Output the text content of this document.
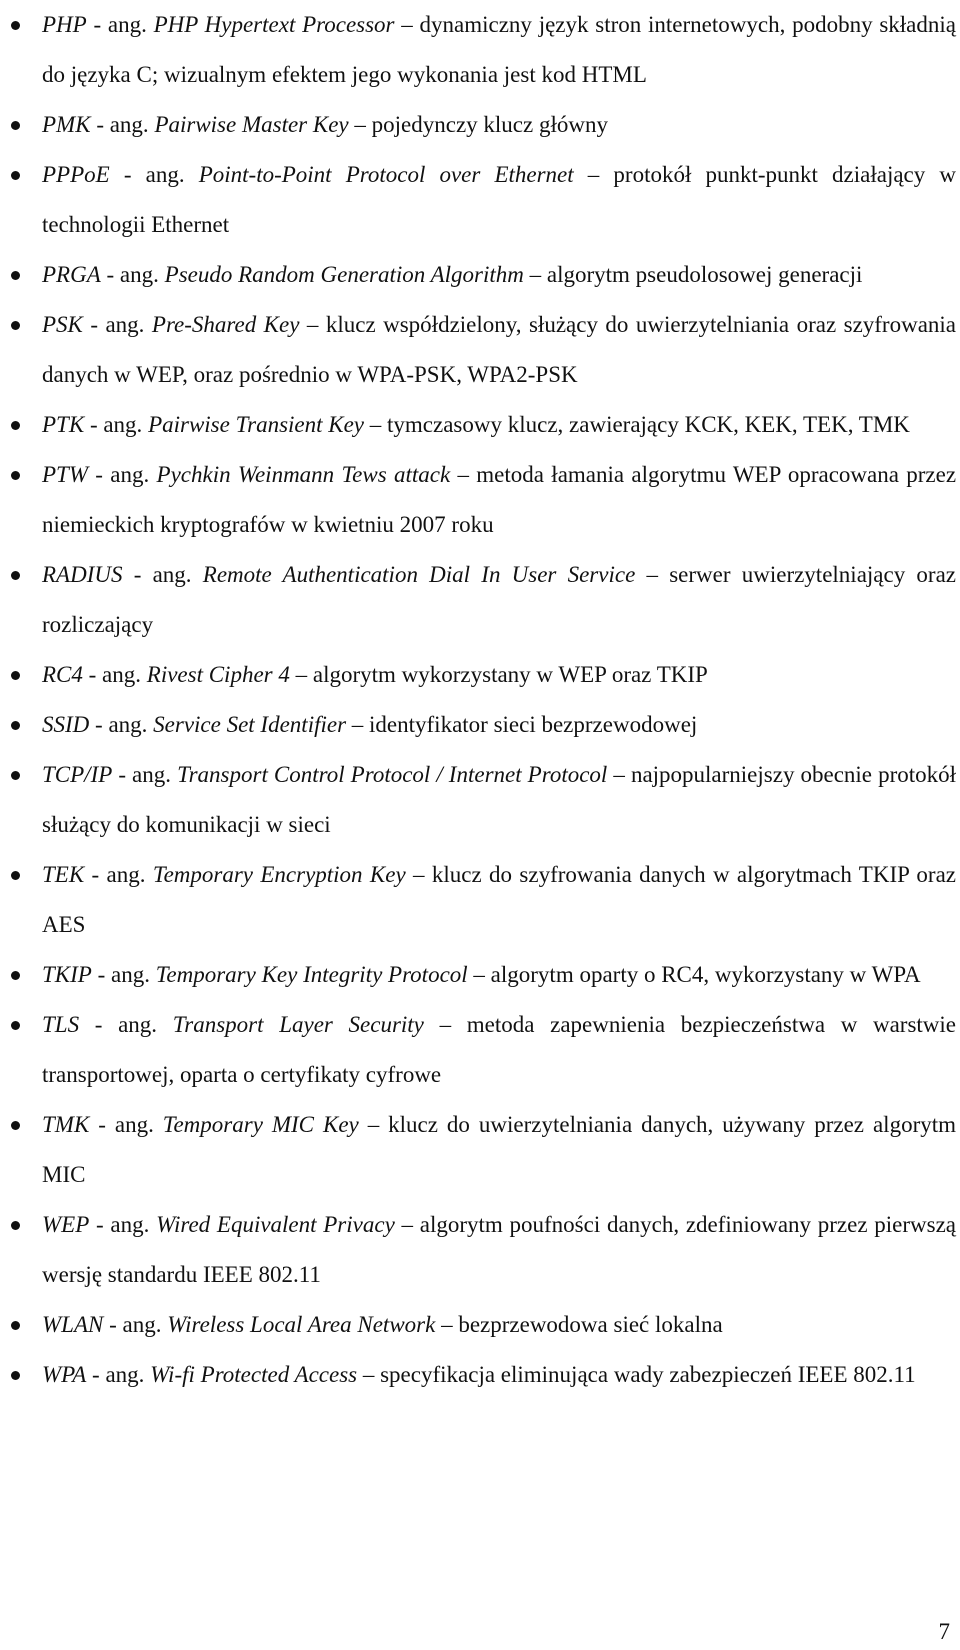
PHP - ang. PHP Hypertext Processor – dynamiczny język stron internetowych, podobny składnią do języka C; wizualnym efektem jego wykonania jest kod HTML
PMK - ang. Pairwise Master Key – pojedynczy klucz główny
PPPoE - ang. Point-to-Point Protocol over Ethernet – protokół punkt-punkt działający w technologii Ethernet
PRGA - ang. Pseudo Random Generation Algorithm – algorytm pseudolosowej generacji
PSK - ang. Pre-Shared Key – klucz współdzielony, służący do uwierzytelniania oraz szyfrowania danych w WEP, oraz pośrednio w WPA-PSK, WPA2-PSK
PTK - ang. Pairwise Transient Key – tymczasowy klucz, zawierający KCK, KEK, TEK, TMK
PTW - ang. Pychkin Weinmann Tews attack – metoda łamania algorytmu WEP opracowana przez niemieckich kryptografów w kwietniu 2007 roku
RADIUS - ang. Remote Authentication Dial In User Service – serwer uwierzytelniający oraz rozliczający
RC4 - ang. Rivest Cipher 4 – algorytm wykorzystany w WEP oraz TKIP
SSID - ang. Service Set Identifier – identyfikator sieci bezprzewodowej
TCP/IP - ang. Transport Control Protocol / Internet Protocol – najpopularniejszy obecnie protokół służący do komunikacji w sieci
TEK - ang. Temporary Encryption Key – klucz do szyfrowania danych w algorytmach TKIP oraz AES
TKIP - ang. Temporary Key Integrity Protocol – algorytm oparty o RC4, wykorzystany w WPA
TLS - ang. Transport Layer Security – metoda zapewnienia bezpieczeństwa w warstwie transportowej, oparta o certyfikaty cyfrowe
TMK - ang. Temporary MIC Key – klucz do uwierzytelniania danych, używany przez algorytm MIC
WEP - ang. Wired Equivalent Privacy – algorytm poufności danych, zdefiniowany przez pierwszą wersję standardu IEEE 802.11
WLAN - ang. Wireless Local Area Network – bezprzewodowa sieć lokalna
WPA - ang. Wi-fi Protected Access – specyfikacja eliminująca wady zabezpieczeń IEEE 802.11
7
